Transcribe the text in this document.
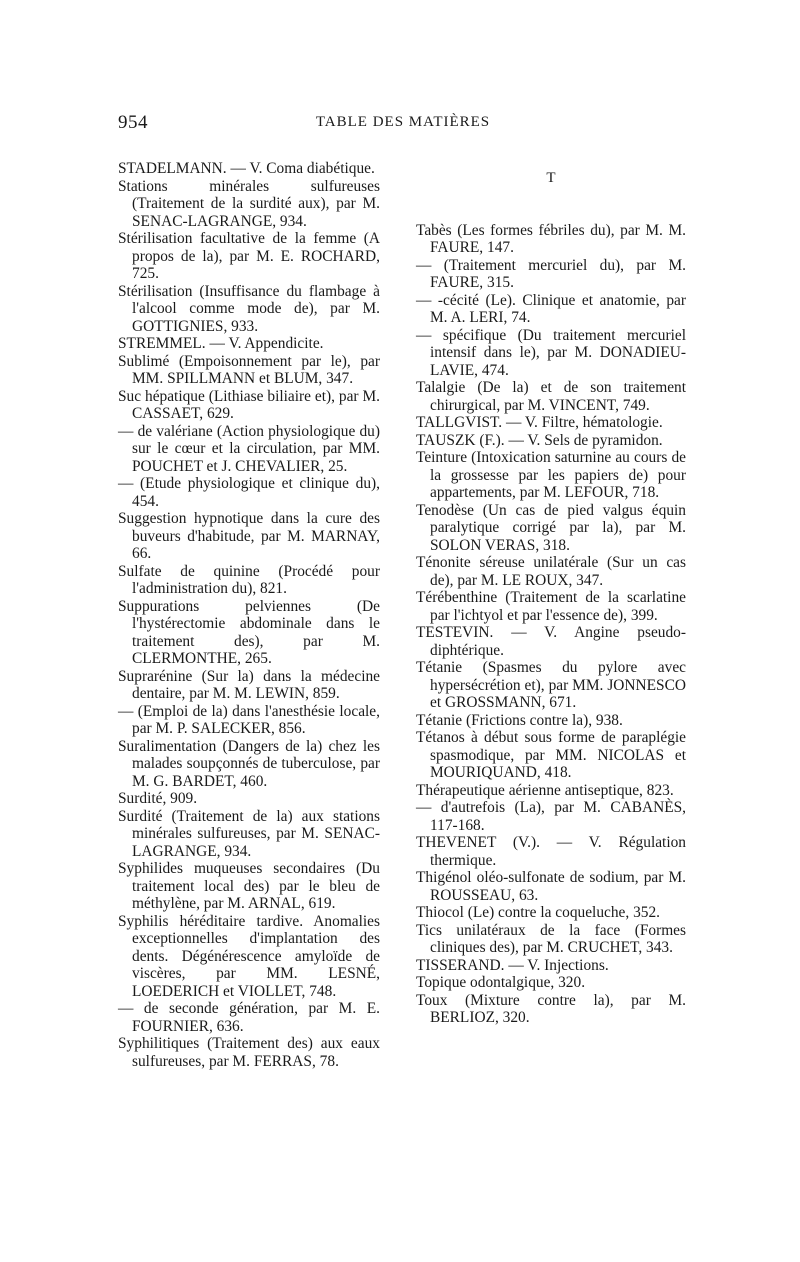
954	TABLE DES MATIÈRES

STADELMANN. — V. Coma diabétique.

Stations minérales sulfureuses (Traitement de la surdité aux), par M. SENAC-LAGRANGE, 934.

Stérilisation facultative de la femme (A propos de la), par M. E. ROCHARD, 725.

Stérilisation (Insuffisance du flambage à l'alcool comme mode de), par M. GOTTIGNIES, 933.

STREMMEL. — V. Appendicite.

Sublimé (Empoisonnement par le), par MM. SPILLMANN et BLUM, 347.

Suc hépatique (Lithiase biliaire et), par M. CASSAET, 629.

— de valériane (Action physiologique du) sur le cœur et la circulation, par MM. POUCHET et J. CHEVALIER, 25.

— (Etude physiologique et clinique du), 454.

Suggestion hypnotique dans la cure des buveurs d'habitude, par M. MARNAY, 66.

Sulfate de quinine (Procédé pour l'administration du), 821.

Suppurations pelviennes (De l'hystérectomie abdominale dans le traitement des), par M. CLERMONTHE, 265.

Suprarénine (Sur la) dans la médecine dentaire, par M. M. LEWIN, 859.

— (Emploi de la) dans l'anesthésie locale, par M. P. SALECKER, 856.

Suralimentation (Dangers de la) chez les malades soupçonnés de tuberculose, par M. G. BARDET, 460.

Surdité, 909.

Surdité (Traitement de la) aux stations minérales sulfureuses, par M. SENAC-LAGRANGE, 934.

Syphilides muqueuses secondaires (Du traitement local des) par le bleu de méthylène, par M. ARNAL, 619.

Syphilis héréditaire tardive. Anomalies exceptionnelles d'implantation des dents. Dégénérescence amyloïde de viscères, par MM. LESNÉ, LOEDERICH et VIOLLET, 748.

— de seconde génération, par M. E. FOURNIER, 636.

Syphilitiques (Traitement des) aux eaux sulfureuses, par M. FERRAS, 78.

T

Tabès (Les formes fébriles du), par M. M. FAURE, 147.

— (Traitement mercuriel du), par M. FAURE, 315.

— -cécité (Le). Clinique et anatomie, par M. A. LERI, 74.

— spécifique (Du traitement mercuriel intensif dans le), par M. DONADIEU-LAVIE, 474.

Talalgie (De la) et de son traitement chirurgical, par M. VINCENT, 749.

TALLGVIST. — V. Filtre, hématologie.

TAUSZK (F.). — V. Sels de pyramidon.

Teinture (Intoxication saturnine au cours de la grossesse par les papiers de) pour appartements, par M. LEFOUR, 718.

Tenodèse (Un cas de pied valgus équin paralytique corrigé par la), par M. SOLON VERAS, 318.

Ténonite séreuse unilatérale (Sur un cas de), par M. LE ROUX, 347.

Térébenthine (Traitement de la scarlatine par l'ichtyol et par l'essence de), 399.

TESTEVIN. — V. Angine pseudo-diphtérique.

Tétanie (Spasmes du pylore avec hypersécrétion et), par MM. JONNESCO et GROSSMANN, 671.

Tétanie (Frictions contre la), 938.

Tétanos à début sous forme de paraplégie spasmodique, par MM. NICOLAS et MOURIQUAND, 418.

Thérapeutique aérienne antiseptique, 823.

— d'autrefois (La), par M. CABANÈS, 117-168.

THEVENET (V.). — V. Régulation thermique.

Thigénol oléo-sulfonate de sodium, par M. ROUSSEAU, 63.

Thiocol (Le) contre la coqueluche, 352.

Tics unilatéraux de la face (Formes cliniques des), par M. CRUCHET, 343.

TISSERAND. — V. Injections.

Topique odontalgique, 320.

Toux (Mixture contre la), par M. BERLIOZ, 320.
